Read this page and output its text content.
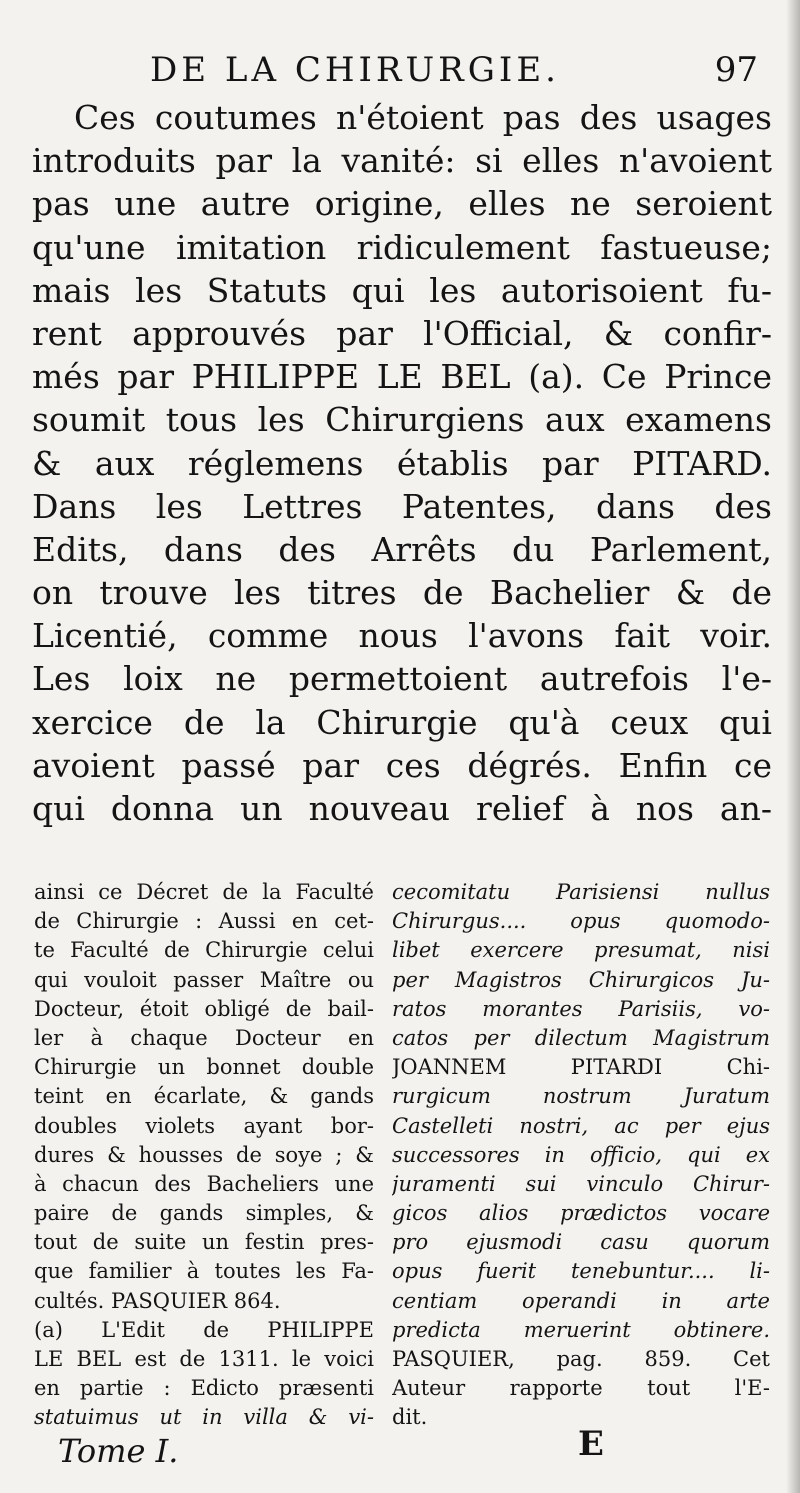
DE LA CHIRURGIE.	97
Ces coutumes n'étoient pas des usages
introduits par la vanité: si elles n'avoient
pas une autre origine, elles ne seroient
qu'une imitation ridiculement fastueuse;
mais les Statuts qui les autorisoient fu-
rent approuvés par l'Official, & confir-
més par PHILIPPE LE BEL (a). Ce Prince
soumit tous les Chirurgiens aux examens
& aux réglemens établis par PITARD.
Dans les Lettres Patentes, dans des
Edits, dans des Arrêts du Parlement,
on trouve les titres de Bachelier & de
Licentié, comme nous l'avons fait voir.
Les loix ne permettoient autrefois l'e-
xercice de la Chirurgie qu'à ceux qui
avoient passé par ces dégrés. Enfin ce
qui donna un nouveau relief à nos an-
ainsi ce Décret de la Faculté
de Chirurgie : Aussi en cet-
te Faculté de Chirurgie celui
qui vouloit passer Maître ou
Docteur, étoit obligé de bail-
ler à chaque Docteur en
Chirurgie un bonnet double
teint en écarlate, & gands
doubles violets ayant bor-
dures & housses de soye ; &
à chacun des Bacheliers une
paire de gands simples, &
tout de suite un festin pres-
que familier à toutes les Fa-
cultés. PASQUIER 864.
(a) L'Edit de PHILIPPE
LE BEL est de 1311. le voici
en partie : Edicto præsenti
statuimus ut in villa & vi-
cecomitatu Parisiensi nullus
Chirurgus.... opus quomodo-
libet exercere presumat, nisi
per Magistros Chirurgicos Ju-
ratos morantes Parisiis, vo-
catos per dilectum Magistrum
JOANNEM PITARDI Chi-
rurgicum nostrum Juratum
Castelleti nostri, ac per ejus
successores in officio, qui ex
juramenti sui vinculo Chirur-
gicos alios prædictos vocare
pro ejusmodi casu quorum
opus fuerit tenebuntur.... li-
centiam operandi in arte
predicta meruerint obtinere.
PASQUIER, pag. 859. Cet
Auteur rapporte tout l'E-
dit.
Tome I.	E
